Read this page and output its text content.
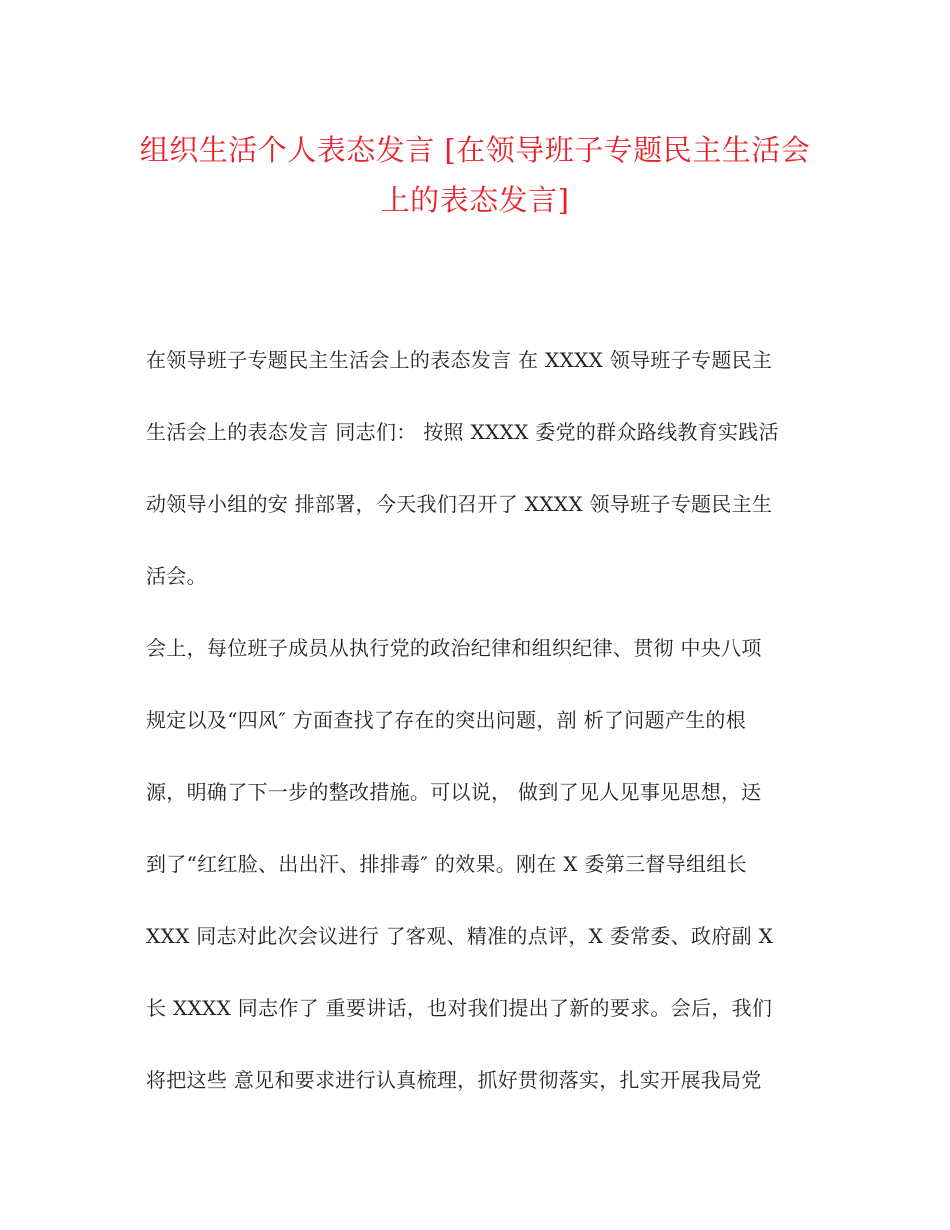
组织生活个人表态发言 [在领导班子专题民主生活会
上的表态发言]
在领导班子专题民主生活会上的表态发言 在 XXXX 领导班子专题民主
生活会上的表态发言 同志们： 按照 XXXX 委党的群众路线教育实践活
动领导小组的安 排部署，今天我们召开了 XXXX 领导班子专题民主生
活会。
会上，每位班子成员从执行党的政治纪律和组织纪律、贯彻 中央八项
规定以及“四风″ 方面查找了存在的突出问题，剖 析了问题产生的根
源，明确了下一步的整改措施。可以说， 做到了见人见事见思想，迗
到了“红红脸、出出汗、排排毒″ 的效果。刚在 X 委第三督导组组长
XXX 同志对此次会议进行 了客观、精准的点评，X 委常委、政府副 X
长 XXXX 同志作了 重要讲话，也对我们提出了新的要求。会后，我们
将把这些 意见和要求进行认真梳理，抓好贯彻落实，扎实开展我局党
